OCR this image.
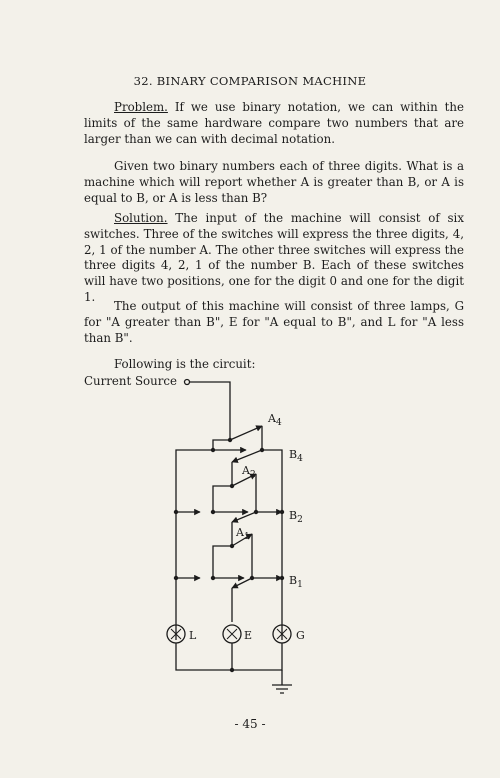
32. BINARY COMPARISON MACHINE

Problem. If we use binary notation, we can within the limits of the same hardware compare two numbers that are larger than we can with decimal notation.

Given two binary numbers each of three digits. What is a machine which will report whether A is greater than B, or A is equal to B, or A is less than B?

Solution. The input of the machine will consist of six switches. Three of the switches will express the three digits, 4, 2, 1 of the number A. The other three switches will express the three digits 4, 2, 1 of the number B. Each of these switches will have two positions, one for the digit 0 and one for the digit 1.

The output of this machine will consist of three lamps, G for "A greater than B", E for "A equal to B", and L for "A less than B".

Following is the circuit:
Current Source
$A_4$
$B_4$
$A_2$
$B_2$
$A_1$
$B_1$
L	E	G
- 45 -
